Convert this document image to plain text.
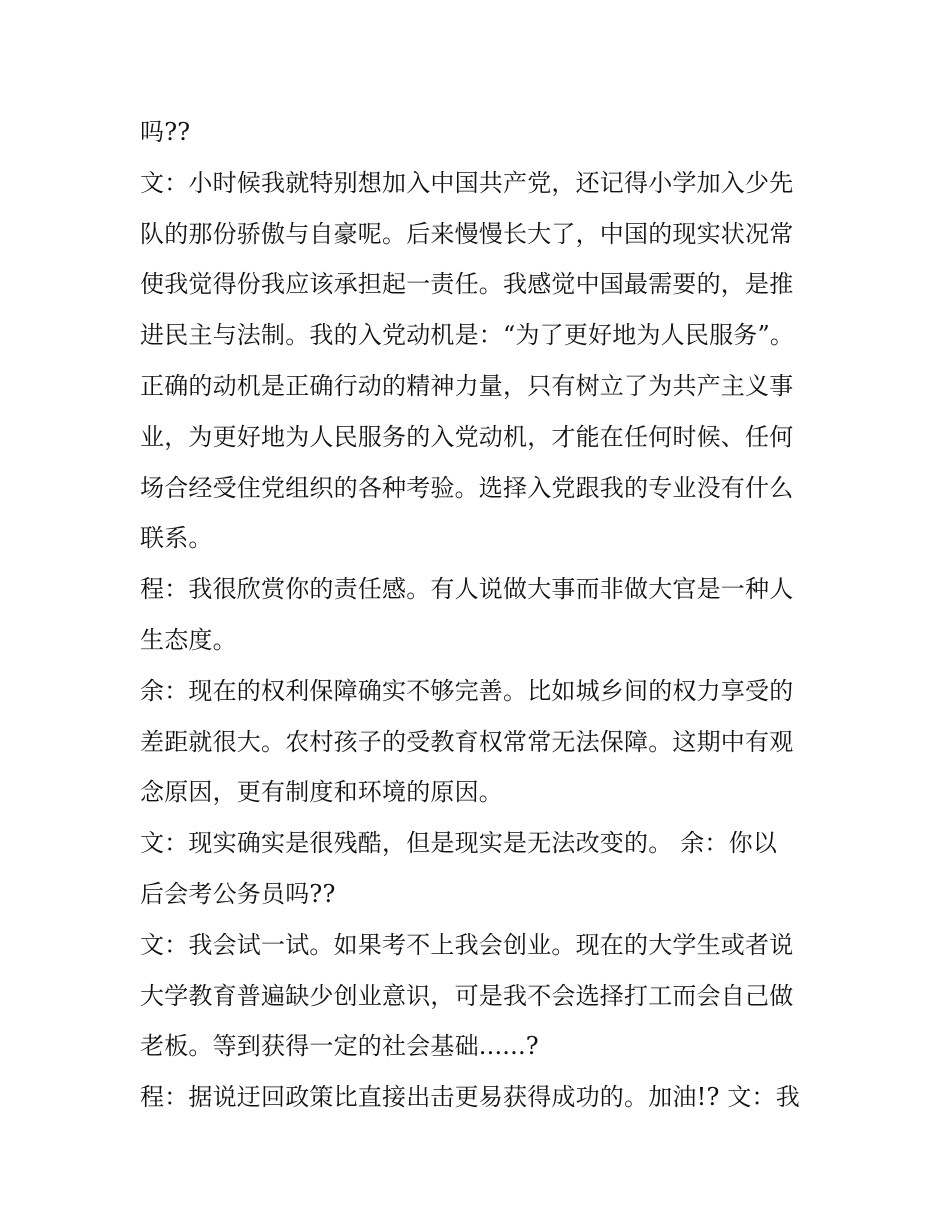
吗??
文：小时候我就特别想加入中国共产党，还记得小学加入少先
队的那份骄傲与自豪呢。后来慢慢长大了，中国的现实状况常
使我觉得份我应该承担起一责任。我感觉中国最需要的，是推
进民主与法制。我的入党动机是：“为了更好地为人民服务”。
正确的动机是正确行动的精神力量，只有树立了为共产主义事
业，为更好地为人民服务的入党动机，才能在任何时候、任何
场合经受住党组织的各种考验。选择入党跟我的专业没有什么
联系。
程：我很欣赏你的责任感。有人说做大事而非做大官是一种人
生态度。
余：现在的权利保障确实不够完善。比如城乡间的权力享受的
差距就很大。农村孩子的受教育权常常无法保障。这期中有观
念原因，更有制度和环境的原因。
文：现实确实是很残酷，但是现实是无法改变的。 余：你以
后会考公务员吗??
文：我会试一试。如果考不上我会创业。现在的大学生或者说
大学教育普遍缺少创业意识，可是我不会选择打工而会自己做
老板。等到获得一定的社会基础......?
程：据说迂回政策比直接出击更易获得成功的。加油!? 文：我
